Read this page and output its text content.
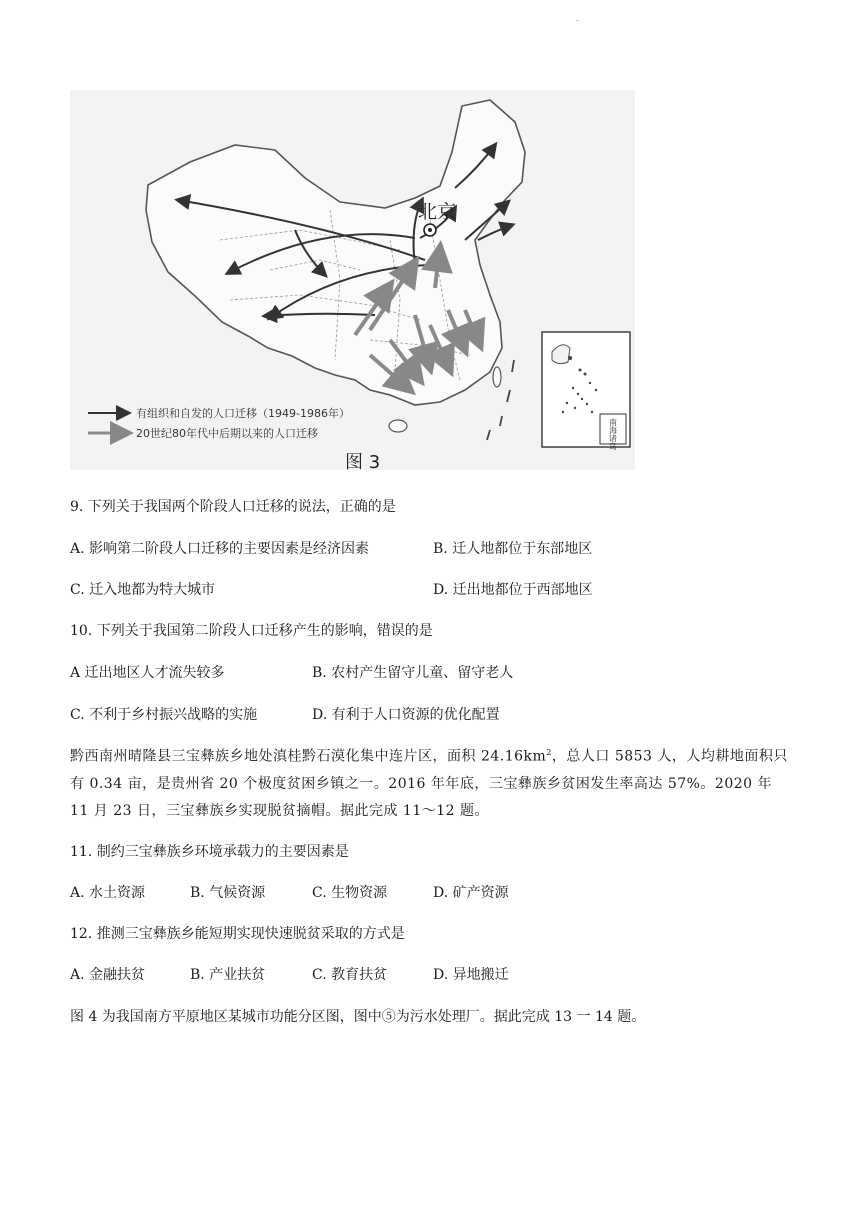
.
北京
有组织和自发的人口迁移（1949-1986年）
20世纪80年代中后期以来的人口迁移
图 3
南海诸岛
9. 下列关于我国两个阶段人口迁移的说法，正确的是
A. 影响第二阶段人口迁移的主要因素是经济因素	B. 迁人地都位于东部地区
C. 迁入地都为特大城市	D. 迁出地都位于西部地区
10. 下列关于我国第二阶段人口迁移产生的影响，错误的是
A 迁出地区人才流失较多	B. 农村产生留守儿童、留守老人
C. 不利于乡村振兴战略的实施	D. 有利于人口资源的优化配置
黔西南州晴隆县三宝彝族乡地处滇桂黔石漠化集中连片区，面积 $24.16km^2$，总人口 5853 人，人均耕地面积只有 0.34 亩，是贵州省 20 个极度贫困乡镇之一。2016 年年底，三宝彝族乡贫困发生率高达 57%。2020 年 11 月 23 日，三宝彝族乡实现脱贫摘帽。据此完成 11～12 题。
11. 制约三宝彝族乡环境承载力的主要因素是
A. 水土资源	B. 气候资源	C. 生物资源	D. 矿产资源
12. 推测三宝彝族乡能短期实现快速脱贫采取的方式是
A. 金融扶贫	B. 产业扶贫	C. 教育扶贫	D. 异地搬迁
图 4 为我国南方平原地区某城市功能分区图，图中⑤为污水处理厂。据此完成 13 一 14 题。
